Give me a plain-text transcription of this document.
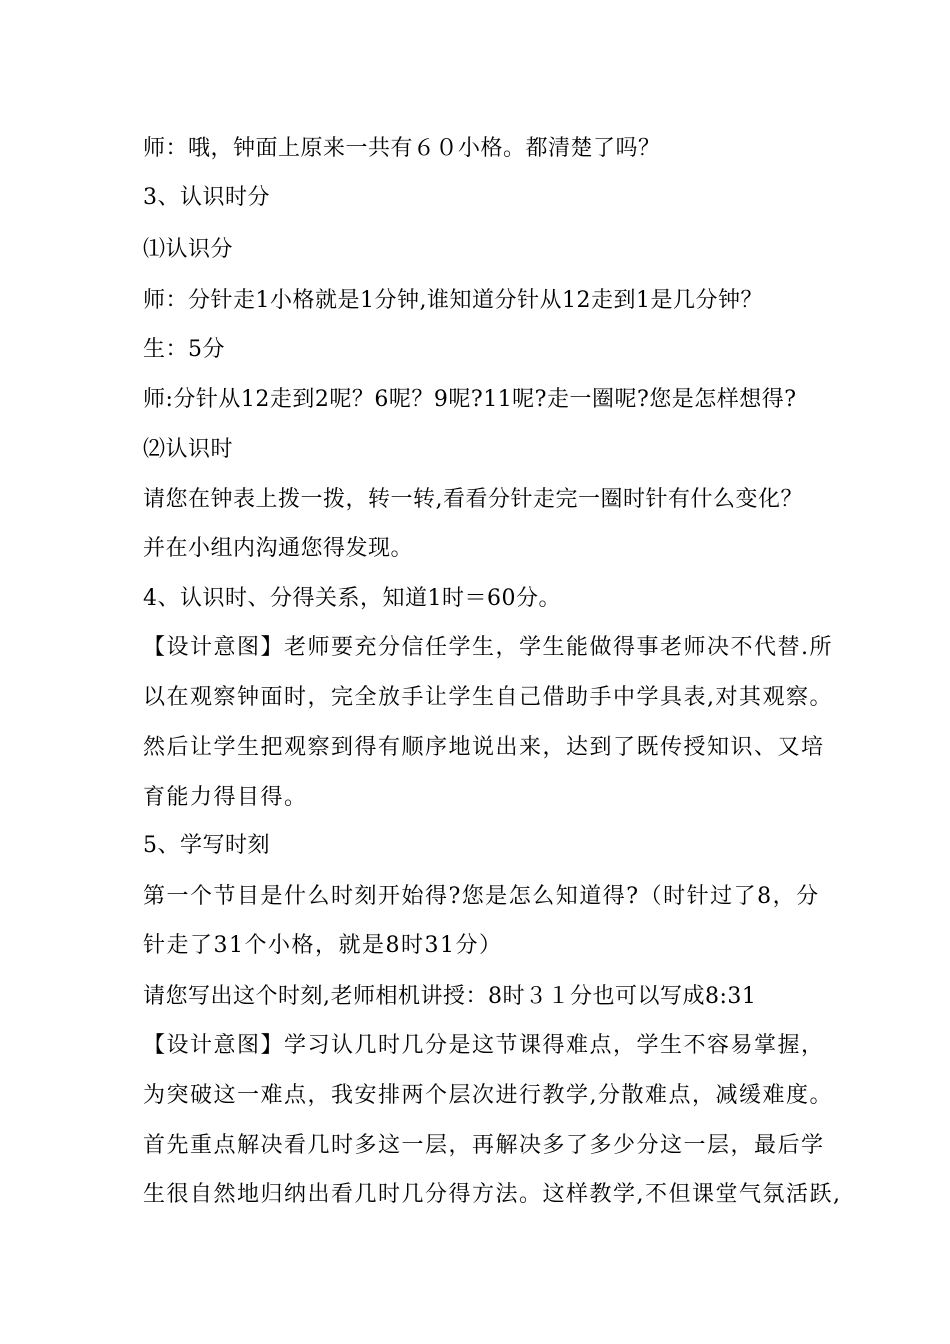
师：哦，钟面上原来一共有６０小格。都清楚了吗？
3、认识时分
⑴认识分
师：分针走1小格就是1分钟,谁知道分针从12走到1是几分钟？
生：5分
师:分针从12走到2呢？6呢？9呢?11呢?走一圈呢?您是怎样想得?
⑵认识时
请您在钟表上拨一拨，转一转,看看分针走完一圈时针有什么变化？
并在小组内沟通您得发现。
4、认识时、分得关系，知道1时＝60分。
【设计意图】老师要充分信任学生，学生能做得事老师决不代替.所
以在观察钟面时，完全放手让学生自己借助手中学具表,对其观察。
然后让学生把观察到得有顺序地说出来，达到了既传授知识、又培
育能力得目得。
5、学写时刻
第一个节目是什么时刻开始得?您是怎么知道得?（时针过了8，分
针走了31个小格，就是8时31分）
请您写出这个时刻,老师相机讲授：8时３１分也可以写成8:31
【设计意图】学习认几时几分是这节课得难点，学生不容易掌握，
为突破这一难点，我安排两个层次进行教学,分散难点，减缓难度。
首先重点解决看几时多这一层，再解决多了多少分这一层，最后学
生很自然地归纳出看几时几分得方法。这样教学,不但课堂气氛活跃,
